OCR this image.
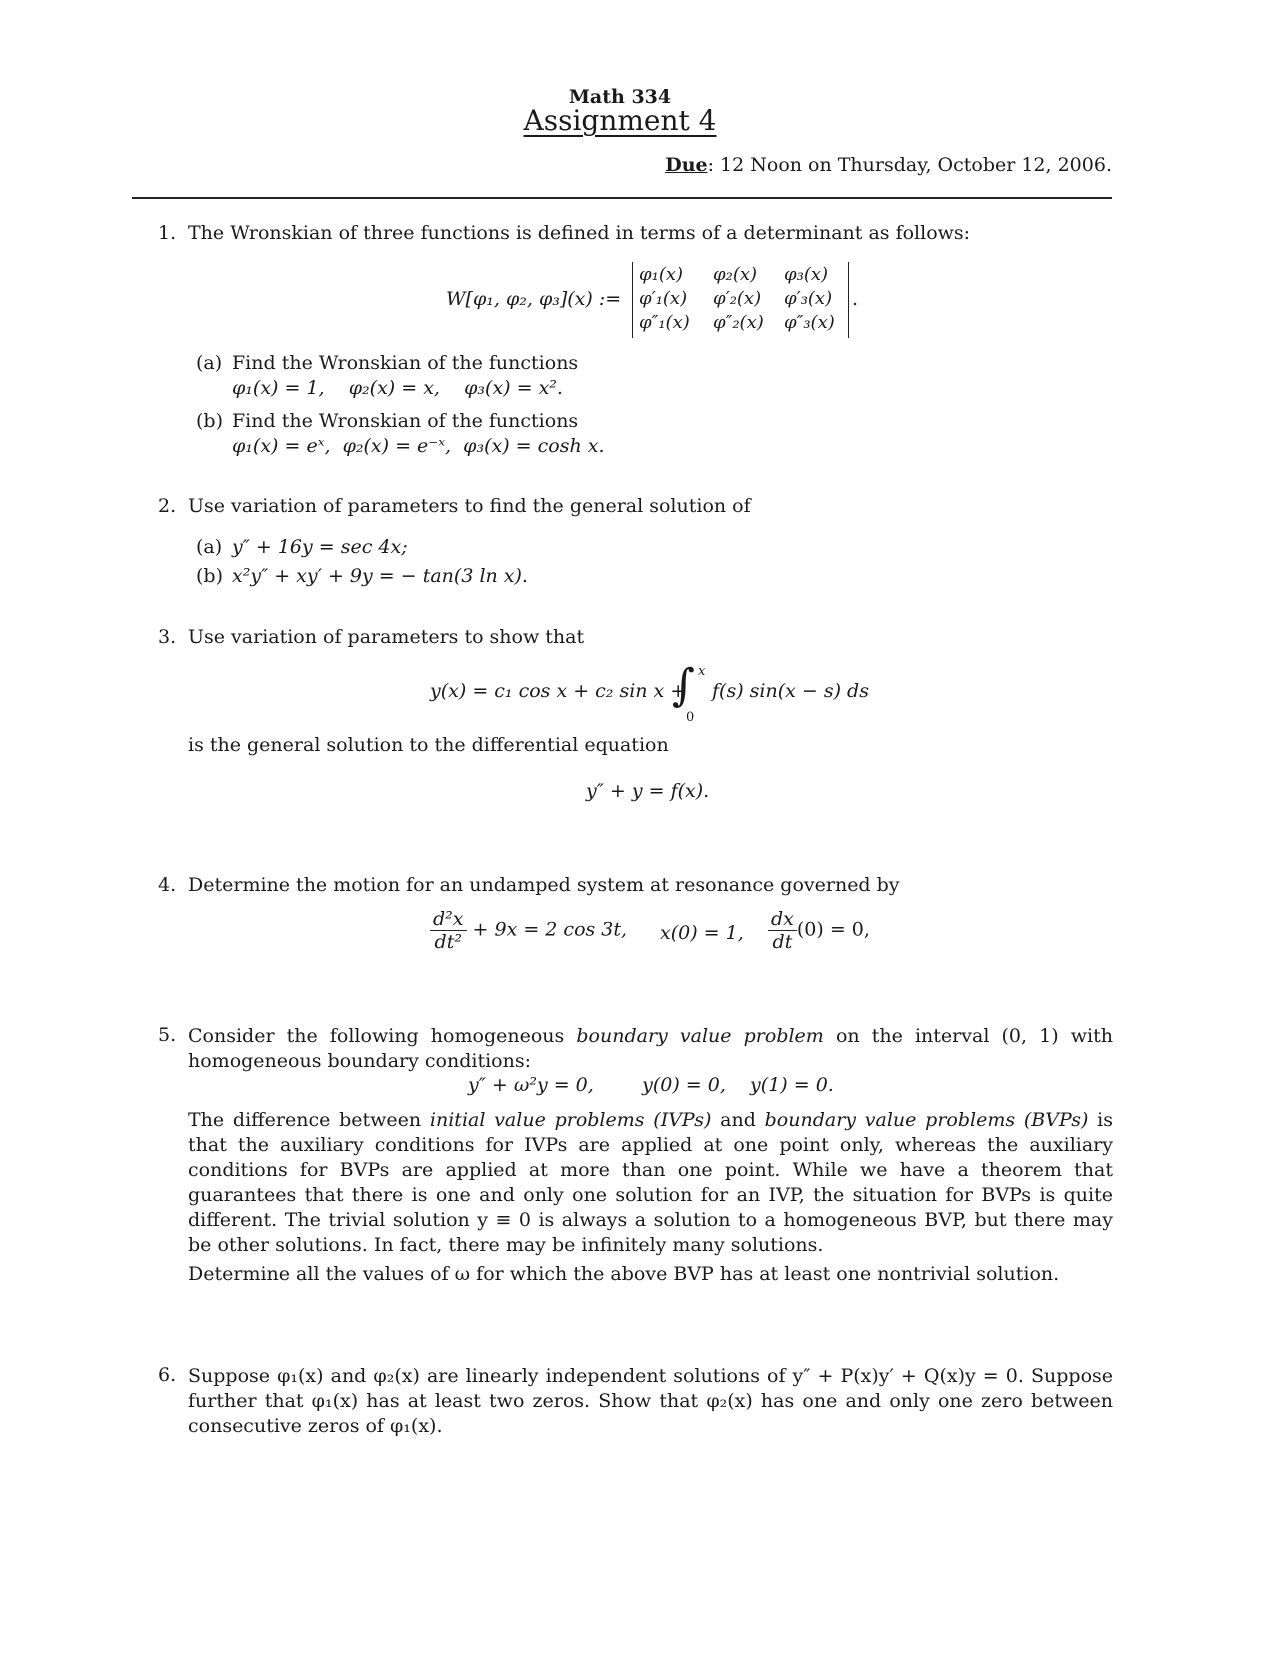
Math 334
Assignment 4
Due: 12 Noon on Thursday, October 12, 2006.
1. The Wronskian of three functions is defined in terms of a determinant as follows:
W[φ₁, φ₂, φ₃](x) :=
φ₁(x) φ₂(x) φ₃(x)
φ′₁(x) φ′₂(x) φ′₃(x)
φ″₁(x) φ″₂(x) φ″₃(x)
.
(a) Find the Wronskian of the functions
φ₁(x) = 1,    φ₂(x) = x,    φ₃(x) = x².
(b) Find the Wronskian of the functions
φ₁(x) = eˣ,  φ₂(x) = e⁻ˣ,  φ₃(x) = cosh x.
2. Use variation of parameters to find the general solution of
(a) y″ + 16y = sec 4x;
(b) x²y″ + xy′ + 9y = − tan(3 ln x).
3. Use variation of parameters to show that
y(x) = c₁ cos x + c₂ sin x +
∫ x
0
f(s) sin(x − s) ds
is the general solution to the differential equation
y″ + y = f(x).
4. Determine the motion for an undamped system at resonance governed by
$\frac{\text{d²x}}{\text{dt²}} + 9x = 2$ cos 3t, x(0) = 1, $\frac{dx}{dt} (0) = 0$,
5. Consider the following homogeneous boundary value problem on the interval (0, 1) with homogeneous boundary conditions:
y″ + ω²y = 0,        y(0) = 0,    y(1) = 0.
The difference between initial value problems (IVPs) and boundary value problems (BVPs) is that the auxiliary conditions for IVPs are applied at one point only, whereas the auxiliary conditions for BVPs are applied at more than one point. While we have a theorem that guarantees that there is one and only one solution for an IVP, the situation for BVPs is quite different. The trivial solution y ≡ 0 is always a solution to a homogeneous BVP, but there may be other solutions. In fact, there may be infinitely many solutions.
Determine all the values of ω for which the above BVP has at least one nontrivial solution.
6. Suppose φ₁(x) and φ₂(x) are linearly independent solutions of y″ + P(x)y′ + Q(x)y = 0. Suppose further that φ₁(x) has at least two zeros. Show that φ₂(x) has one and only one zero between consecutive zeros of φ₁(x).
